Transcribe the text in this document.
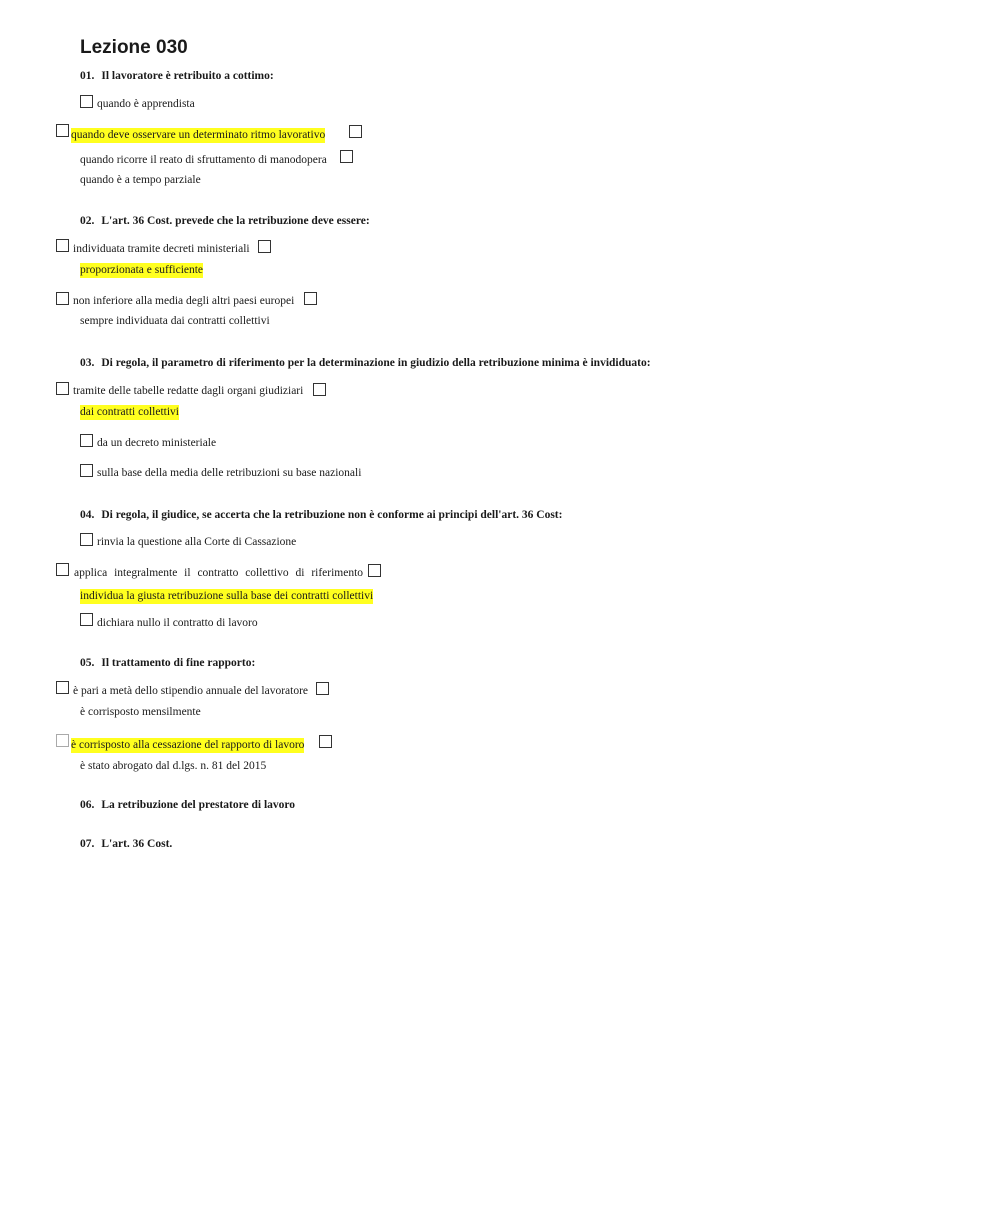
Lezione 030
01. Il lavoratore è retribuito a cottimo:
quando è apprendista
quando deve osservare un determinato ritmo lavorativo
quando ricorre il reato di sfruttamento di manodopera
quando è a tempo parziale
02. L'art. 36 Cost. prevede che la retribuzione deve essere:
individuata tramite decreti ministeriali
proporzionata e sufficiente
non inferiore alla media degli altri paesi europei
sempre individuata dai contratti collettivi
03. Di regola, il parametro di riferimento per la determinazione in giudizio della retribuzione minima è invididuato:
tramite delle tabelle redatte dagli organi giudiziari
dai contratti collettivi
da un decreto ministeriale
sulla base della media delle retribuzioni su base nazionali
04. Di regola, il giudice, se accerta che la retribuzione non è conforme ai principi dell'art. 36 Cost:
rinvia la questione alla Corte di Cassazione
applica integralmente il contratto collettivo di riferimento
individua la giusta retribuzione sulla base dei contratti collettivi
dichiara nullo il contratto di lavoro
05. Il trattamento di fine rapporto:
è pari a metà dello stipendio annuale del lavoratore
è corrisposto mensilmente
è corrisposto alla cessazione del rapporto di lavoro
è stato abrogato dal d.lgs. n. 81 del 2015
06. La retribuzione del prestatore di lavoro
07. L'art. 36 Cost.
